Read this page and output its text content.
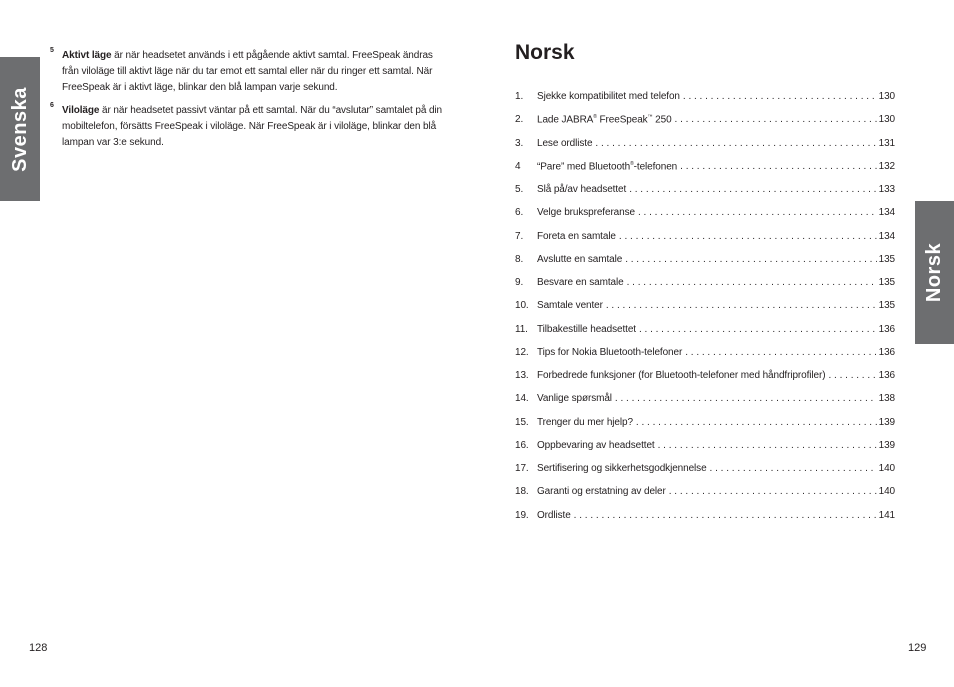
Svenska
5 Aktivt läge är när headsetet används i ett pågående aktivt samtal. FreeSpeak ändras från viloläge till aktivt läge när du tar emot ett samtal eller när du ringer ett samtal. När FreeSpeak är i aktivt läge, blinkar den blå lampan varje sekund.

6 Viloläge är när headsetet passivt väntar på ett samtal. När du “avslutar” samtalet på din mobiltelefon, försätts FreeSpeak i viloläge. När FreeSpeak är i viloläge, blinkar den blå lampan var 3:e sekund.

128
Norsk
1.	Sjekke kompatibilitet med telefon . . .	130
2.	Lade JABRA® FreeSpeak™ 250 . . .	130
3.	Lese ordliste . . .	131
4	“Pare” med Bluetooth®-telefonen . . .	132
5.	Slå på/av headsettet . . .	133
6.	Velge brukspreferanse . . .	134
7.	Foreta en samtale . . .	134
8.	Avslutte en samtale . . .	135
9.	Besvare en samtale . . .	135
10. Samtale venter . . .	135
11. Tilbakestille headsettet . . .	136
12. Tips for Nokia Bluetooth-telefoner . . .	136
13. Forbedrede funksjoner (for Bluetooth-telefoner med håndfriprofiler) . . .	136
14. Vanlige spørsmål . . .	138
15. Trenger du mer hjelp? . . .	139
16. Oppbevaring av headsettet . . .	139
17. Sertifisering og sikkerhetsgodkjennelse . . .	140
18. Garanti og erstatning av deler . . .	140
19. Ordliste . . .	141
Norsk
129
